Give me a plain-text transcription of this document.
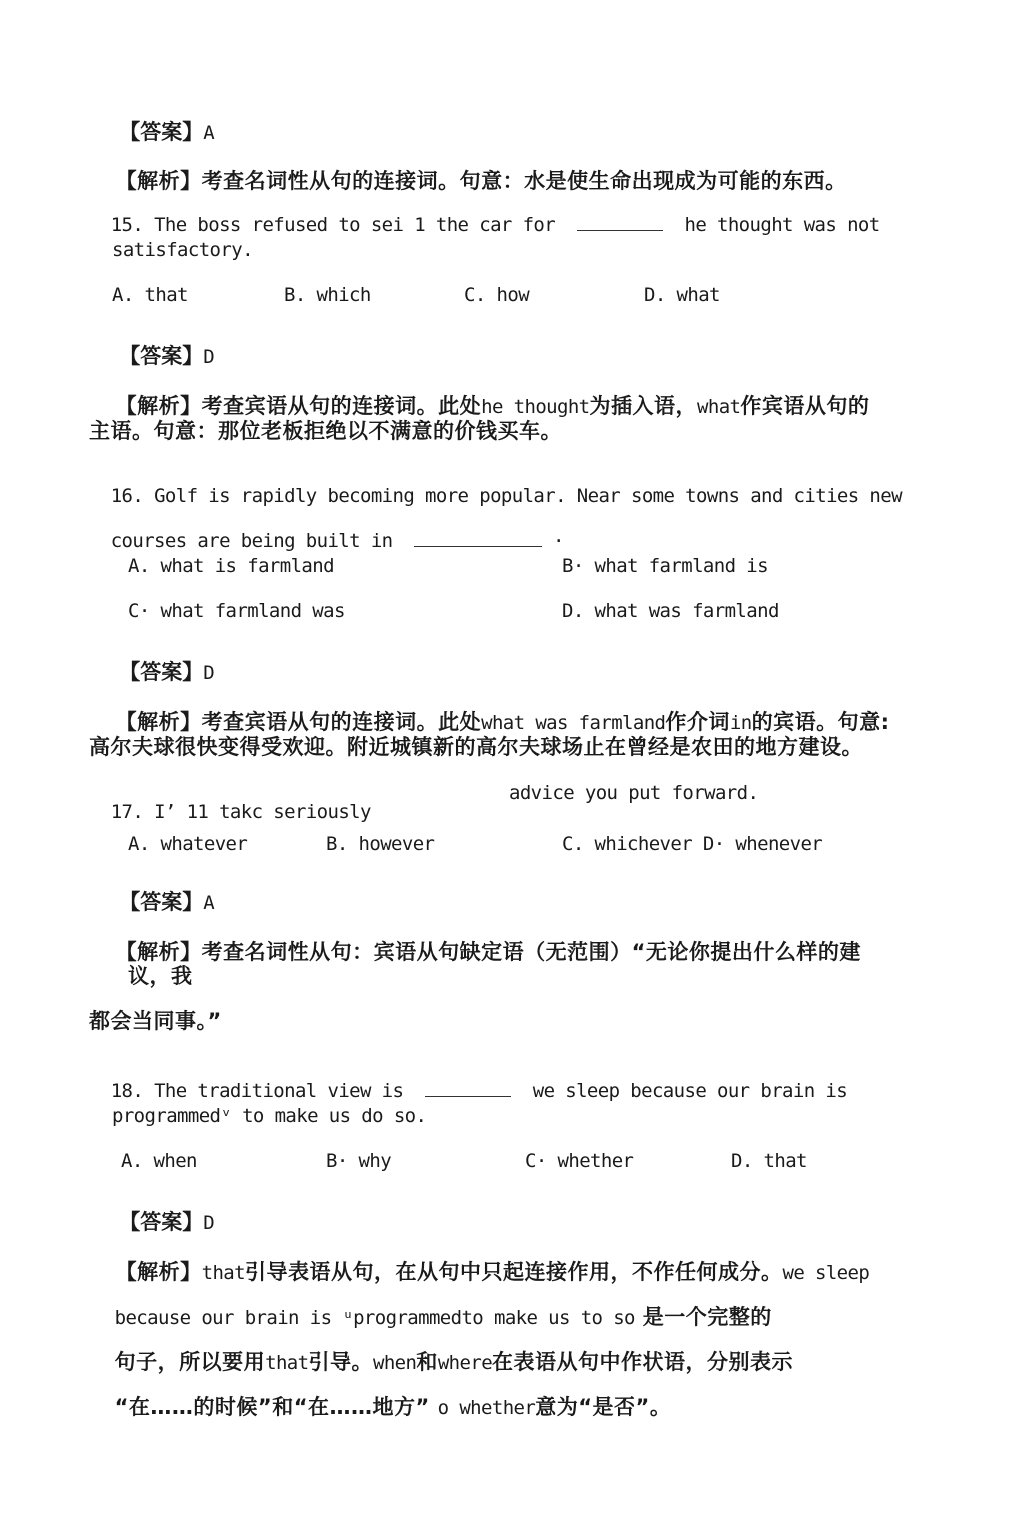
【答案】A

【解析】考查名词性从句的连接词。句意：水是使生命出现成为可能的东西。

15. The boss refused to sei 1 the car for	he thought was not

satisfactory.
A. that	B. which	C. how	D. what

【答案】D

【解析】考查宾语从句的连接词。此处he thought为插入语，what作宾语从句的

主语。句意：那位老板拒绝以不满意的价钱买车。

16. Golf is rapidly becoming more popular. Near some towns and cities new

courses are being built in	·

A. what is farmland	B· what farmland is
C· what farmland was	D. what was farmland

【答案】D

【解析】考查宾语从句的连接词。此处what was farmland作介词in的宾语。句意:

高尔夫球很快变得受欢迎。附近城镇新的高尔夫球场止在曾经是农田的地方建设。

17. I’ 11 takc seriously

advice you put forward.
A. whatever	B. however	C. whichever D· whenever

【答案】A

【解析】考查名词性从句：宾语从句缺定语（无范围）“无论你提出什么样的建

议，我
都会当同事。”

18. The traditional view is	we sleep because our brain is

programmedᵛ to make us do so.
A. when	B· why	C· whether	D. that

【答案】D

【解析】that引导表语从句，在从句中只起连接作用，不作任何成分。we sleep

because our brain is ᵘprogrammedto make us to so 是一个完整的

句子，所以要用that引导。when和where在表语从句中作状语，分别表示

“在……的时候”和“在……地方” o whether意为“是否”。
